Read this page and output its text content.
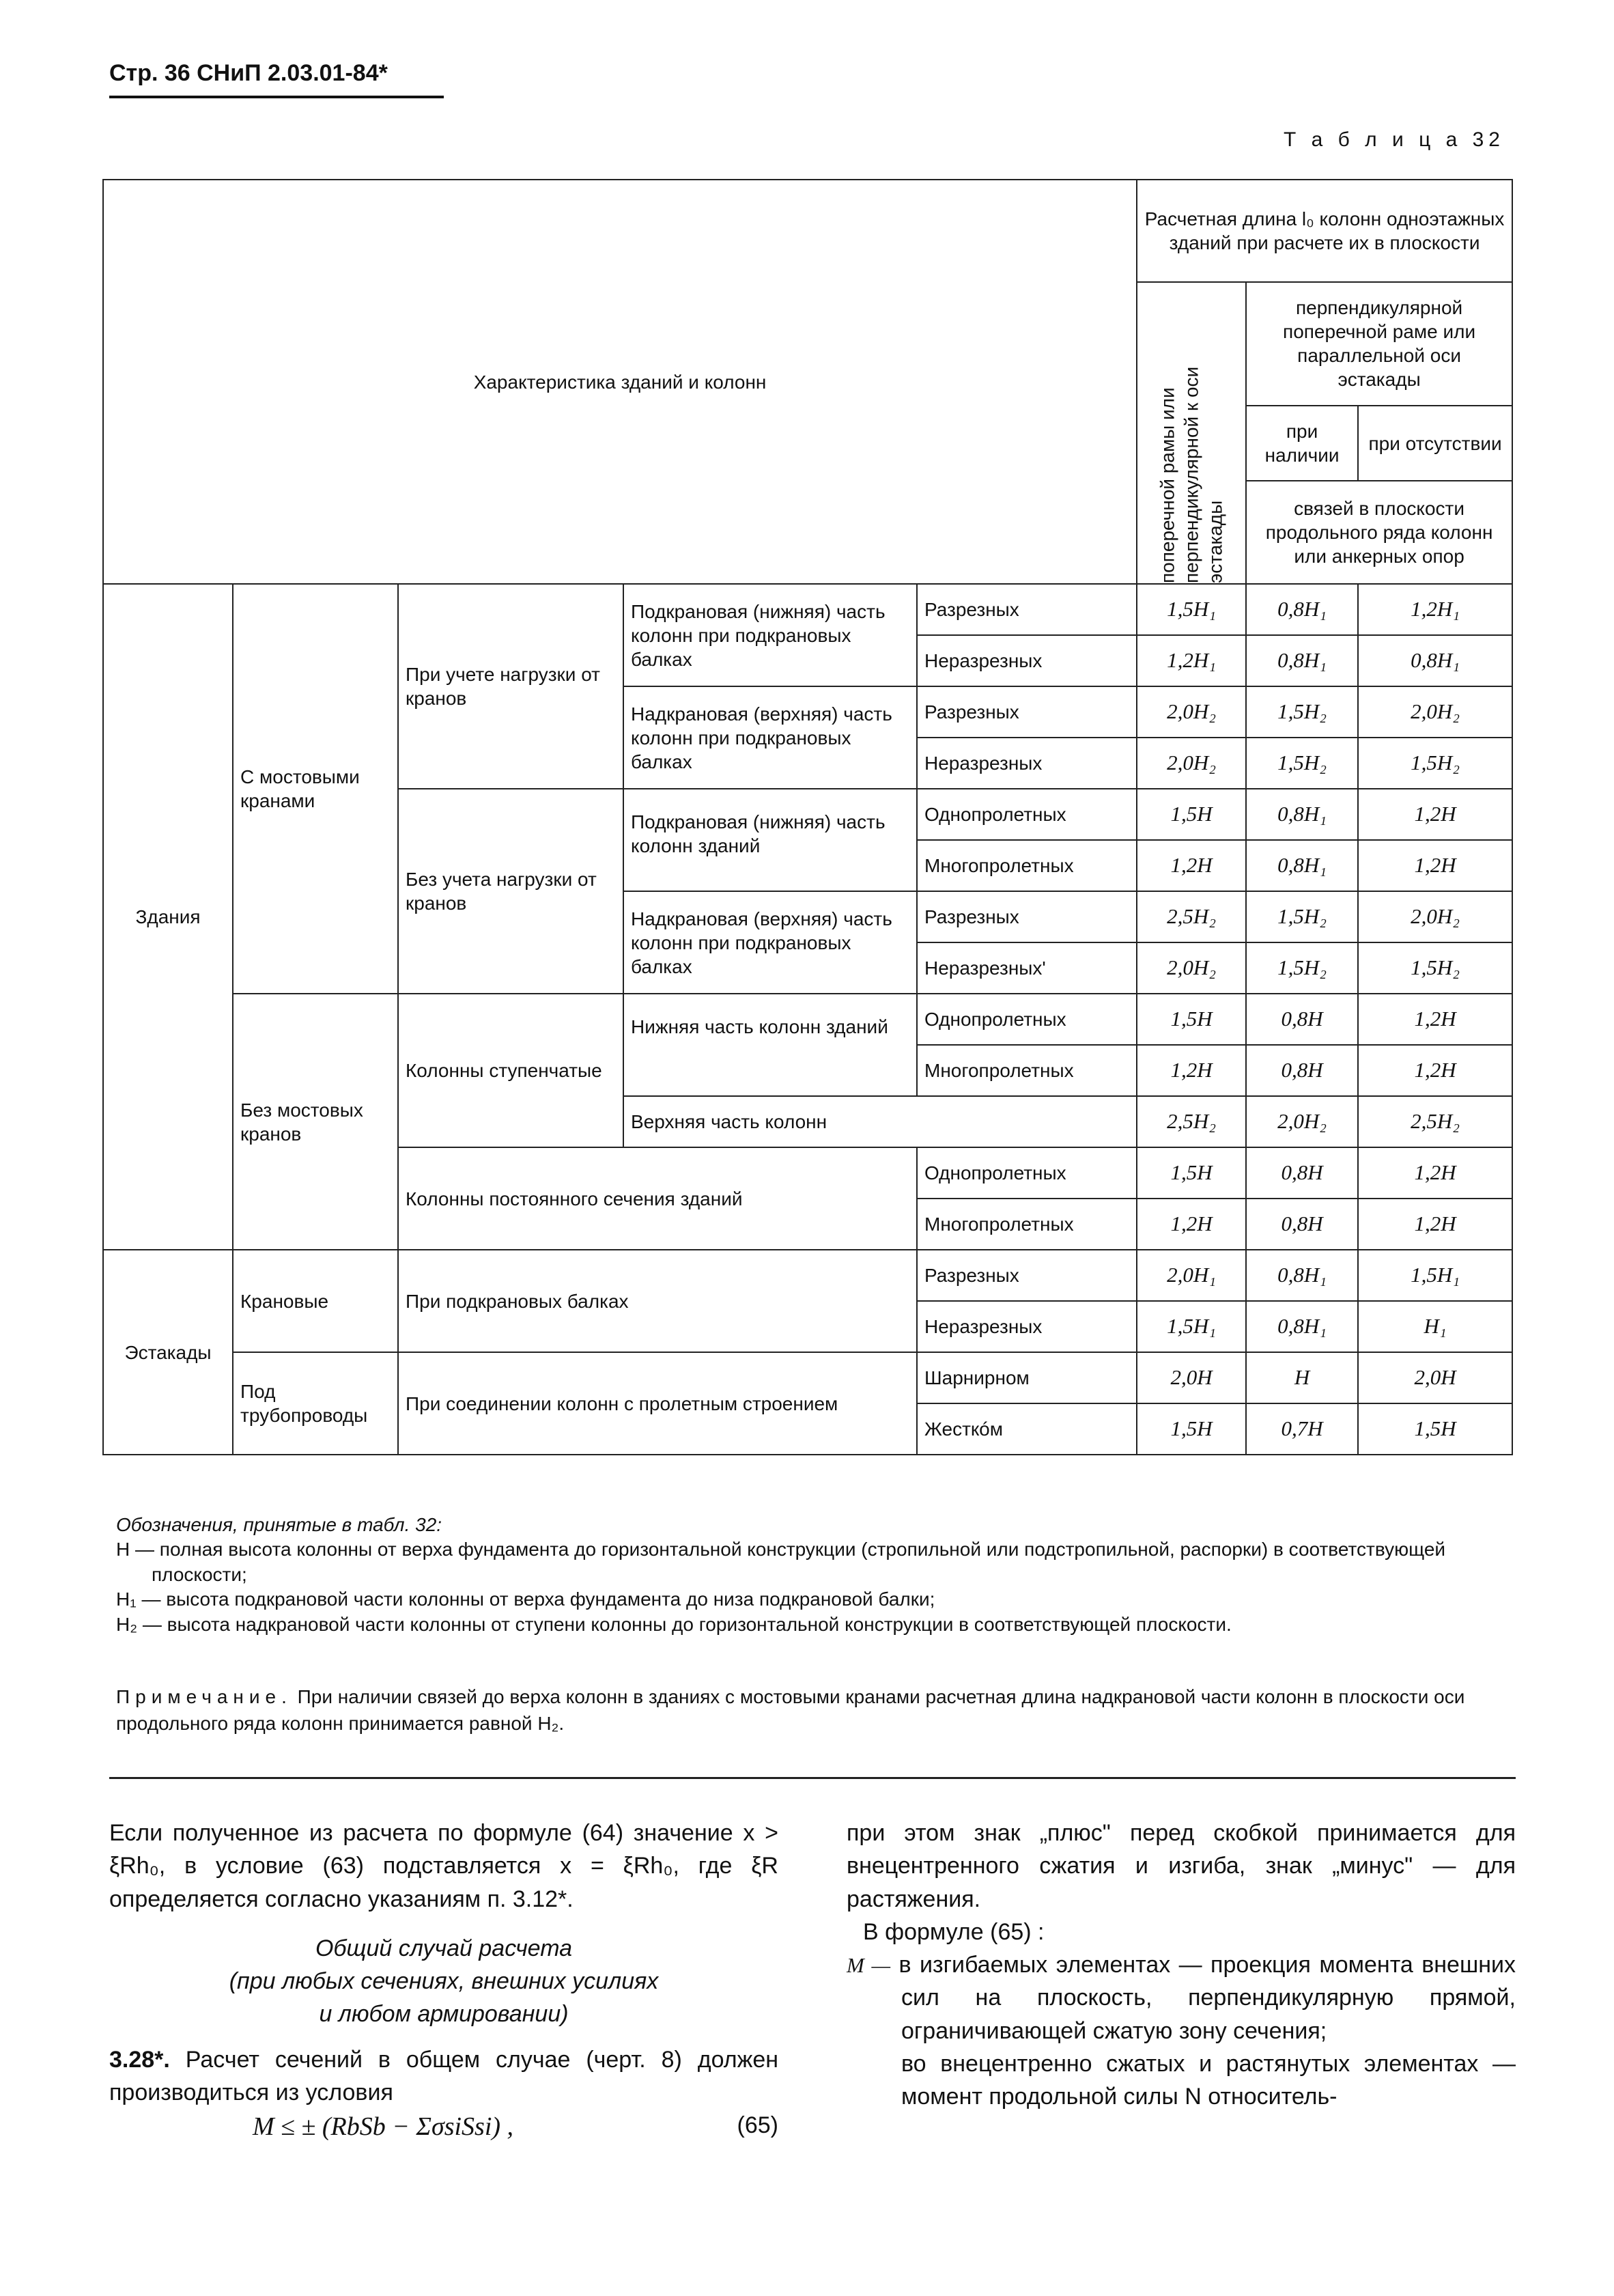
Стр. 36 СНиП 2.03.01-84*
Т а б л и ц а 32
Характеристика зданий и колонн					Расчетная длина l₀ колонн одноэтажных зданий при расчете их в плоскости		

					поперечной рамы или перпендикулярной к оси эстакады	перпендикулярной поперечной раме или параллельной оси эстакады	
						при наличии	при отсутствии
						связей в плоскости продольного ряда колонн или анкерных опор	
Здания	С мостовыми кранами	При учете нагрузки от кранов	Подкрановая (нижняя) часть колонн при подкрановых балках	Разрезных	1,5H₁	0,8H₁	1,2H₁
				Неразрезных	1,2H₁	0,8H₁	0,8H₁
			Надкрановая (верхняя) часть колонн при подкрановых балках	Разрезных	2,0H₂	1,5H₂	2,0H₂
				Неразрезных	2,0H₂	1,5H₂	1,5H₂
		Без учета нагрузки от кранов	Подкрановая (нижняя) часть колонн зданий	Однопролетных	1,5H	0,8H₁	1,2H
				Многопролетных	1,2H	0,8H₁	1,2H
			Надкрановая (верхняя) часть колонн при подкрановых балках	Разрезных	2,5H₂	1,5H₂	2,0H₂
				Неразрезных'	2,0H₂	1,5H₂	1,5H₂
	Без мостовых кранов	Колонны ступенчатые	Нижняя часть колонн зданий	Однопролетных	1,5H	0,8H	1,2H
				Многопролетных	1,2H	0,8H	1,2H
			Верхняя часть колонн		2,5H₂	2,0H₂	2,5H₂
		Колонны постоянного сечения зданий		Однопролетных	1,5H	0,8H	1,2H
				Многопролетных	1,2H	0,8H	1,2H
Эстакады	Крановые	При подкрановых балках		Разрезных	2,0H₁	0,8H₁	1,5H₁
				Неразрезных	1,5H₁	0,8H₁	H₁
	Под трубопроводы	При соединении колонн с пролетным строением		Шарнирном	2,0H	H	2,0H
				Жесткóм	1,5H	0,7H	1,5H
Обозначения, принятые в табл. 32:
H — полная высота колонны от верха фундамента до горизонтальной конструкции (стропильной или подстропильной, распорки) в соответствующей плоскости;
H₁ — высота подкрановой части колонны от верха фундамента до низа подкрановой балки;
H₂ — высота надкрановой части колонны от ступени колонны до горизонтальной конструкции в соответствующей плоскости.
Примечание. При наличии связей до верха колонн в зданиях с мостовыми кранами расчетная длина надкрановой части колонн в плоскости оси продольного ряда колонн принимается равной H₂.
Если полученное из расчета по формуле (64) значение x > ξRh₀, в условие (63) подставляется x = ξRh₀, где ξR определяется согласно указаниям п. 3.12*.
Общий случай расчета
(при любых сечениях, внешних усилиях
и любом армировании)
3.28*. Расчет сечений в общем случае (черт. 8) должен производиться из условия
M ≤ ± (RbSb − ΣσsiSsi) ,	(65)
при этом знак „плюс" перед скобкой принимается для внецентренного сжатия и изгиба, знак „минус" — для растяжения.
В формуле (65) :
M — в изгибаемых элементах — проекция момента внешних сил на плоскость, перпендикулярную прямой, ограничивающей сжатую зону сечения;
во внецентренно сжатых и растянутых элементах — момент продольной силы N относитель-
